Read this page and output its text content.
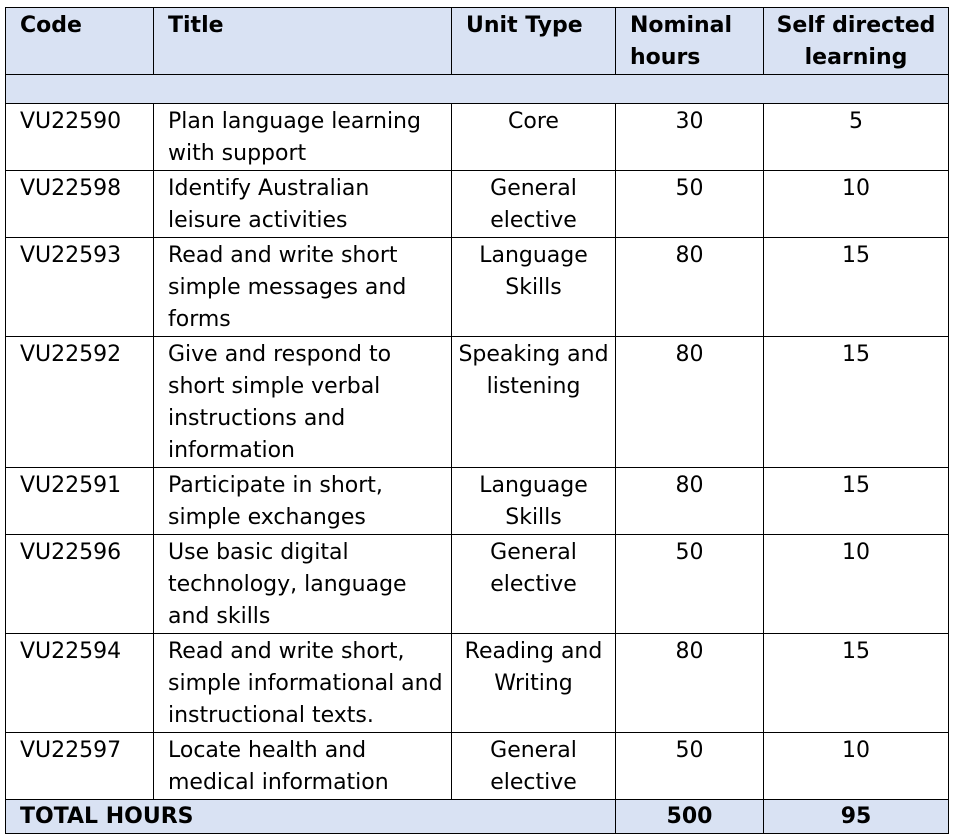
Code	Title	Unit Type	Nominal hours	Self directed learning
VU22590	Plan language learning with support	Core	30	5
VU22598	Identify Australian leisure activities	General elective	50	10
VU22593	Read and write short simple messages and forms	Language Skills	80	15
VU22592	Give and respond to short simple verbal instructions and information	Speaking and listening	80	15
VU22591	Participate in short, simple exchanges	Language Skills	80	15
VU22596	Use basic digital technology, language and skills	General elective	50	10
VU22594	Read and write short, simple informational and instructional texts.	Reading and Writing	80	15
VU22597	Locate health and medical information	General elective	50	10
TOTAL HOURS			500	95
